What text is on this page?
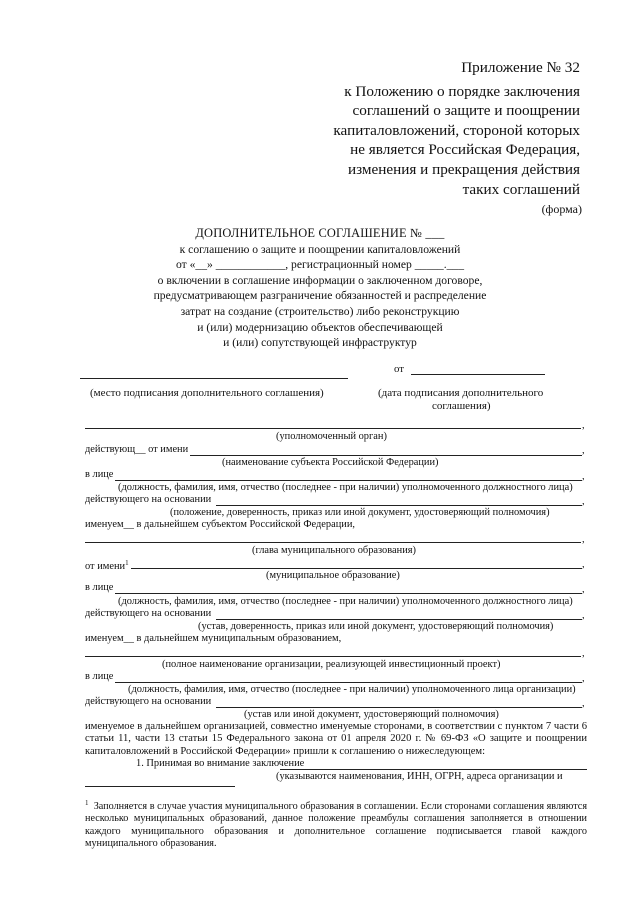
Приложение № 32
к Положению о порядке заключения
соглашений о защите и поощрении
капиталовложений, стороной которых
не является Российская Федерация,
изменения и прекращения действия
таких соглашений
(форма)
ДОПОЛНИТЕЛЬНОЕ СОГЛАШЕНИЕ № ___
к соглашению о защите и поощрении капиталовложений
от «__» ____________, регистрационный номер _____.___
о включении в соглашение информации о заключенном договоре,
предусматривающем разграничение обязанностей и распределение
затрат на создание (строительство) либо реконструкцию
и (или) модернизацию объектов обеспечивающей
и (или) сопутствующей инфраструктур
от
(место подписания дополнительного соглашения)	(дата подписания дополнительного
соглашения)
,
(уполномоченный орган)
действующ__ от имени	,
(наименование субъекта Российской Федерации)
в лице	,
(должность, фамилия, имя, отчество (последнее - при наличии) уполномоченного должностного лица)
действующего на основании	,
(положение, доверенность, приказ или иной документ, удостоверяющий полномочия)
именуем__ в дальнейшем субъектом Российской Федерации,
,
(глава муниципального образования)
от имени$^1$	,
(муниципальное образование)
в лице	,
(должность, фамилия, имя, отчество (последнее - при наличии) уполномоченного должностного лица)
действующего на основании	,
(устав, доверенность, приказ или иной документ, удостоверяющий полномочия)
именуем__ в дальнейшем муниципальным образованием,
,
(полное наименование организации, реализующей инвестиционный проект)
в лице	,
(должность, фамилия, имя, отчество (последнее - при наличии) уполномоченного лица организации)
действующего на основании	,
(устав или иной документ, удостоверяющий полномочия)
именуемое в дальнейшем организацией, совместно именуемые сторонами, в соответствии с пунктом 7 части 6 статьи 11, части 13 статьи 15 Федерального закона от 01 апреля 2020 г. № 69-ФЗ «О защите и поощрении капиталовложений в Российской Федерации» пришли к соглашению о нижеследующем:
1. Принимая во внимание заключение
(указываются наименования, ИНН, ОГРН, адреса организации и
$^1$ Заполняется в случае участия муниципального образования в соглашении. Если сторонами соглашения являются несколько муниципальных образований, данное положение преамбулы соглашения заполняется в отношении каждого муниципального образования и дополнительное соглашение подписывается главой каждого муниципального образования.
